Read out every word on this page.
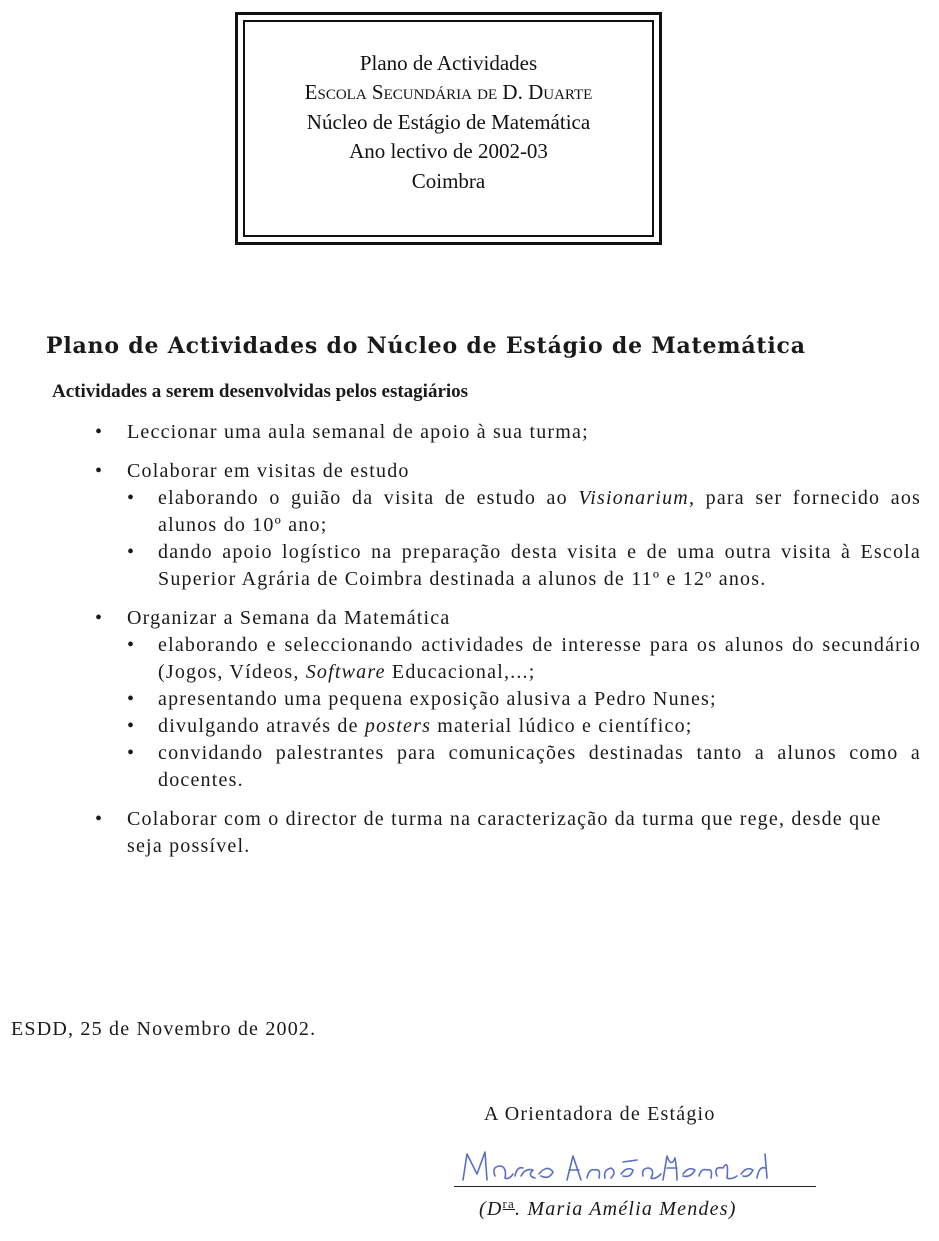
Plano de Actividades
Escola Secundária de D. Duarte
Núcleo de Estágio de Matemática
Ano lectivo de 2002-03
Coimbra
Plano de Actividades do Núcleo de Estágio de Matemática
Actividades a serem desenvolvidas pelos estagiários
•	Leccionar uma aula semanal de apoio à sua turma;
•	Colaborar em visitas de estudo
•	elaborando o guião da visita de estudo ao Visionarium, para ser fornecido aos alunos do 10º ano;
•	dando apoio logístico na preparação desta visita e de uma outra visita à Escola Superior Agrária de Coimbra destinada a alunos de 11º e 12º anos.
•	Organizar a Semana da Matemática
•	elaborando e seleccionando actividades de interesse para os alunos do secundário (Jogos, Vídeos, Software Educacional,...;
•	apresentando uma pequena exposição alusiva a Pedro Nunes;
•	divulgando através de posters material lúdico e científico;
•	convidando palestrantes para comunicações destinadas tanto a alunos como a docentes.
•	Colaborar com o director de turma na caracterização da turma que rege, desde que seja possível.
ESDD, 25 de Novembro de 2002.
A Orientadora de Estágio
($D^{ra}$. Maria Amélia Mendes)
